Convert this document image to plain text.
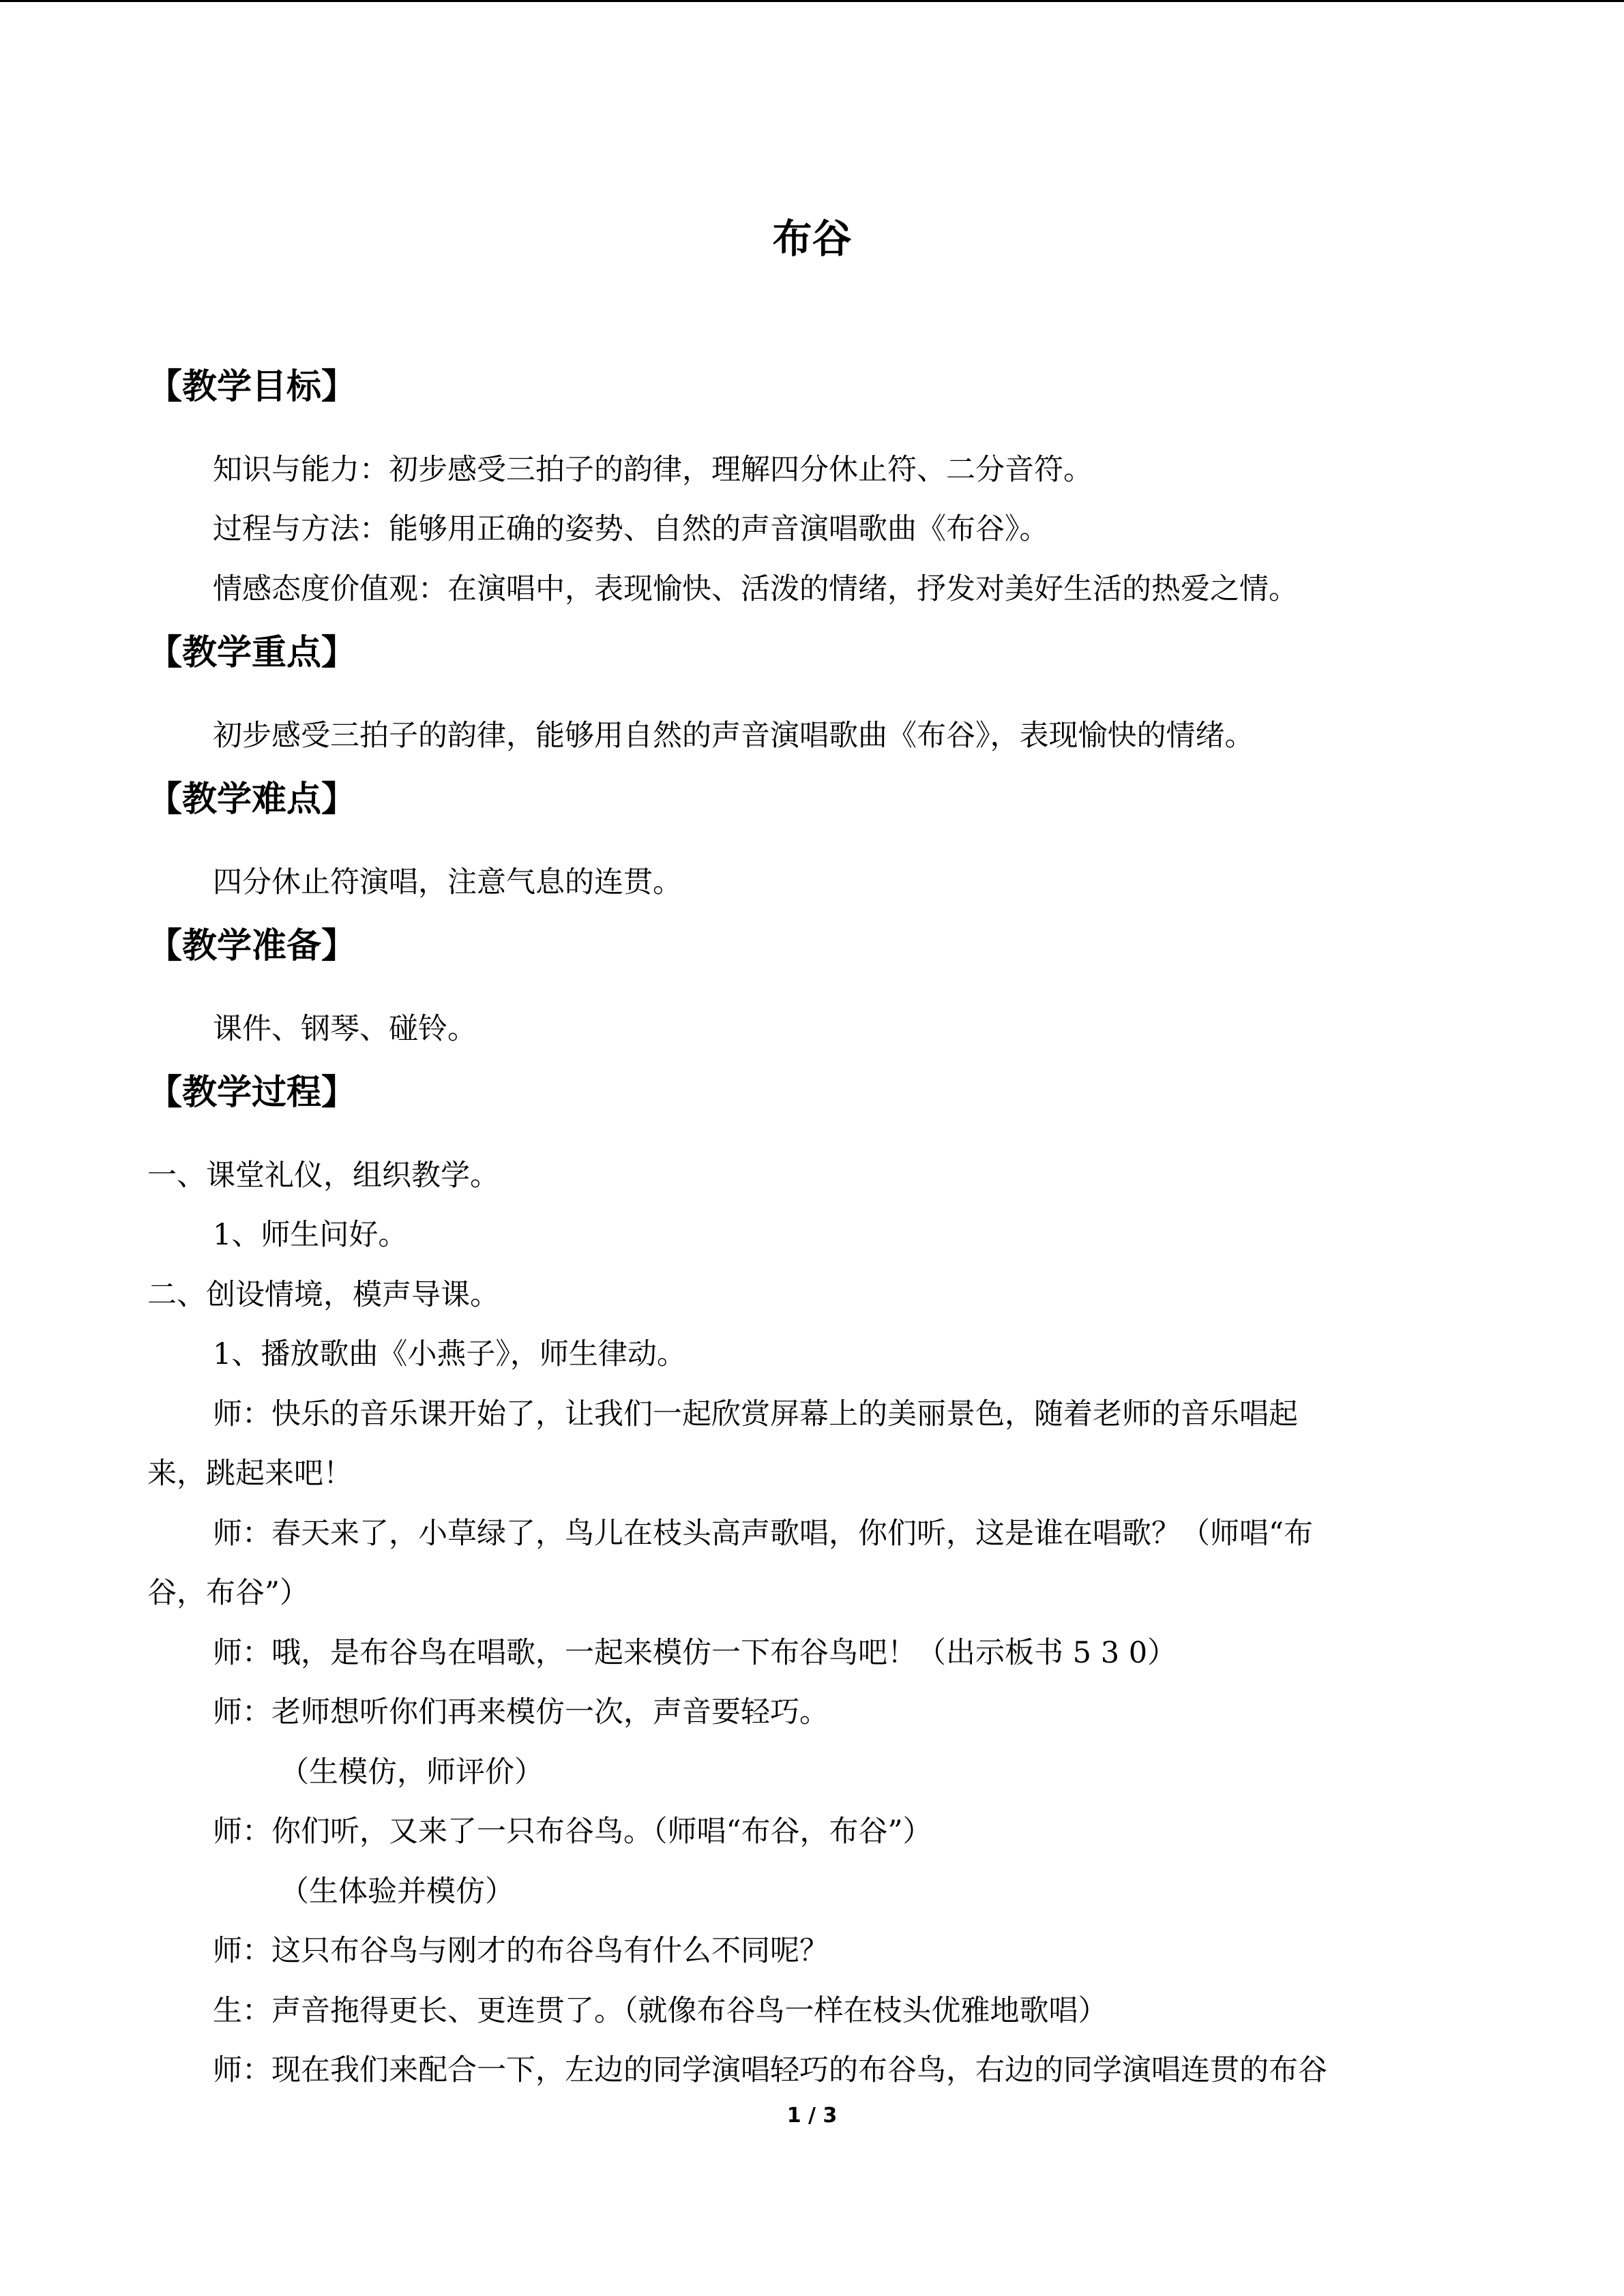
布谷
【教学目标】
知识与能力：初步感受三拍子的韵律，理解四分休止符、二分音符。
过程与方法：能够用正确的姿势、自然的声音演唱歌曲《布谷》。
情感态度价值观：在演唱中，表现愉快、活泼的情绪，抒发对美好生活的热爱之情。
【教学重点】
初步感受三拍子的韵律，能够用自然的声音演唱歌曲《布谷》，表现愉快的情绪。
【教学难点】
四分休止符演唱，注意气息的连贯。
【教学准备】
课件、钢琴、碰铃。
【教学过程】
一、课堂礼仪，组织教学。
1、师生问好。
二、创设情境，模声导课。
1、播放歌曲《小燕子》，师生律动。
师：快乐的音乐课开始了，让我们一起欣赏屏幕上的美丽景色，随着老师的音乐唱起
来，跳起来吧！
师：春天来了，小草绿了，鸟儿在枝头高声歌唱，你们听，这是谁在唱歌？（师唱“布
谷，布谷”）
师：哦，是布谷鸟在唱歌，一起来模仿一下布谷鸟吧！（出示板书 5 3 0）
师：老师想听你们再来模仿一次，声音要轻巧。
（生模仿，师评价）
师：你们听，又来了一只布谷鸟。（师唱“布谷，布谷”）
（生体验并模仿）
师：这只布谷鸟与刚才的布谷鸟有什么不同呢？
生：声音拖得更长、更连贯了。（就像布谷鸟一样在枝头优雅地歌唱）
师：现在我们来配合一下，左边的同学演唱轻巧的布谷鸟，右边的同学演唱连贯的布谷
1 / 3
